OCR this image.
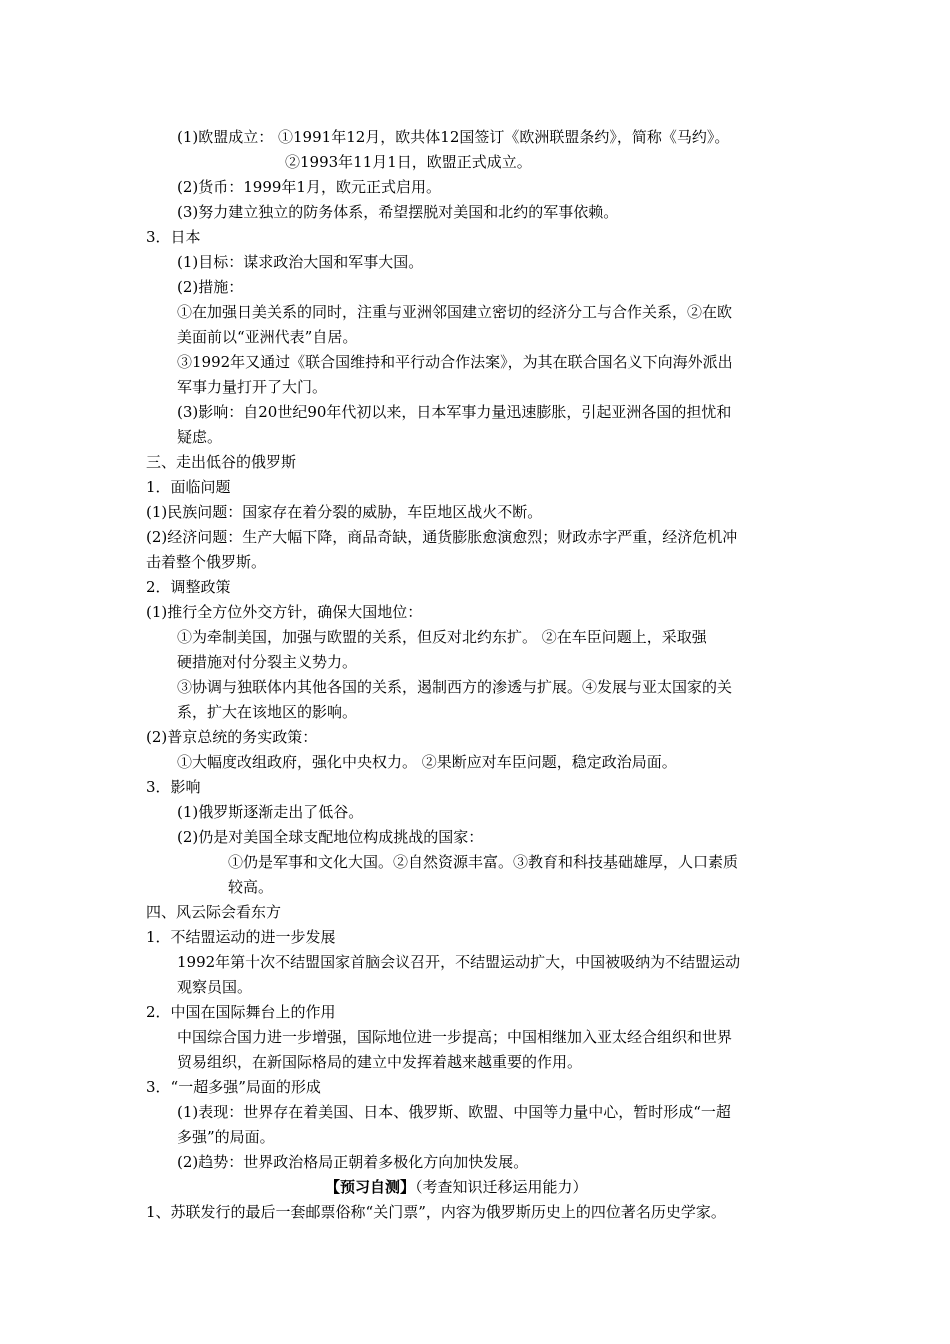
(1)欧盟成立： ①1991年12月，欧共体12国签订《欧洲联盟条约》，简称《马约》。
②1993年11月1日，欧盟正式成立。
(2)货币：1999年1月，欧元正式启用。
(3)努力建立独立的防务体系，希望摆脱对美国和北约的军事依赖。
3．日本
(1)目标：谋求政治大国和军事大国。
(2)措施：
①在加强日美关系的同时，注重与亚洲邻国建立密切的经济分工与合作关系，②在欧
美面前以“亚洲代表”自居。
③1992年又通过《联合国维持和平行动合作法案》，为其在联合国名义下向海外派出
军事力量打开了大门。
(3)影响：自20世纪90年代初以来，日本军事力量迅速膨胀，引起亚洲各国的担忧和
疑虑。
三、走出低谷的俄罗斯
1．面临问题
(1)民族问题：国家存在着分裂的威胁，车臣地区战火不断。
(2)经济问题：生产大幅下降，商品奇缺，通货膨胀愈演愈烈；财政赤字严重，经济危机冲
击着整个俄罗斯。
2．调整政策
(1)推行全方位外交方针，确保大国地位：
①为牵制美国，加强与欧盟的关系，但反对北约东扩。 ②在车臣问题上，采取强
硬措施对付分裂主义势力。
③协调与独联体内其他各国的关系，遏制西方的渗透与扩展。④发展与亚太国家的关
系，扩大在该地区的影响。
(2)普京总统的务实政策：
①大幅度改组政府，强化中央权力。 ②果断应对车臣问题，稳定政治局面。
3．影响
(1)俄罗斯逐渐走出了低谷。
(2)仍是对美国全球支配地位构成挑战的国家：
①仍是军事和文化大国。②自然资源丰富。③教育和科技基础雄厚，人口素质
较高。
四、风云际会看东方
1．不结盟运动的进一步发展
1992年第十次不结盟国家首脑会议召开，不结盟运动扩大，中国被吸纳为不结盟运动
观察员国。
2．中国在国际舞台上的作用
中国综合国力进一步增强，国际地位进一步提高；中国相继加入亚太经合组织和世界
贸易组织，在新国际格局的建立中发挥着越来越重要的作用。
3．“一超多强”局面的形成
(1)表现：世界存在着美国、日本、俄罗斯、欧盟、中国等力量中心，暂时形成“一超
多强”的局面。
(2)趋势：世界政治格局正朝着多极化方向加快发展。
【预习自测】（考查知识迁移运用能力）
1、苏联发行的最后一套邮票俗称“关门票”，内容为俄罗斯历史上的四位著名历史学家。
